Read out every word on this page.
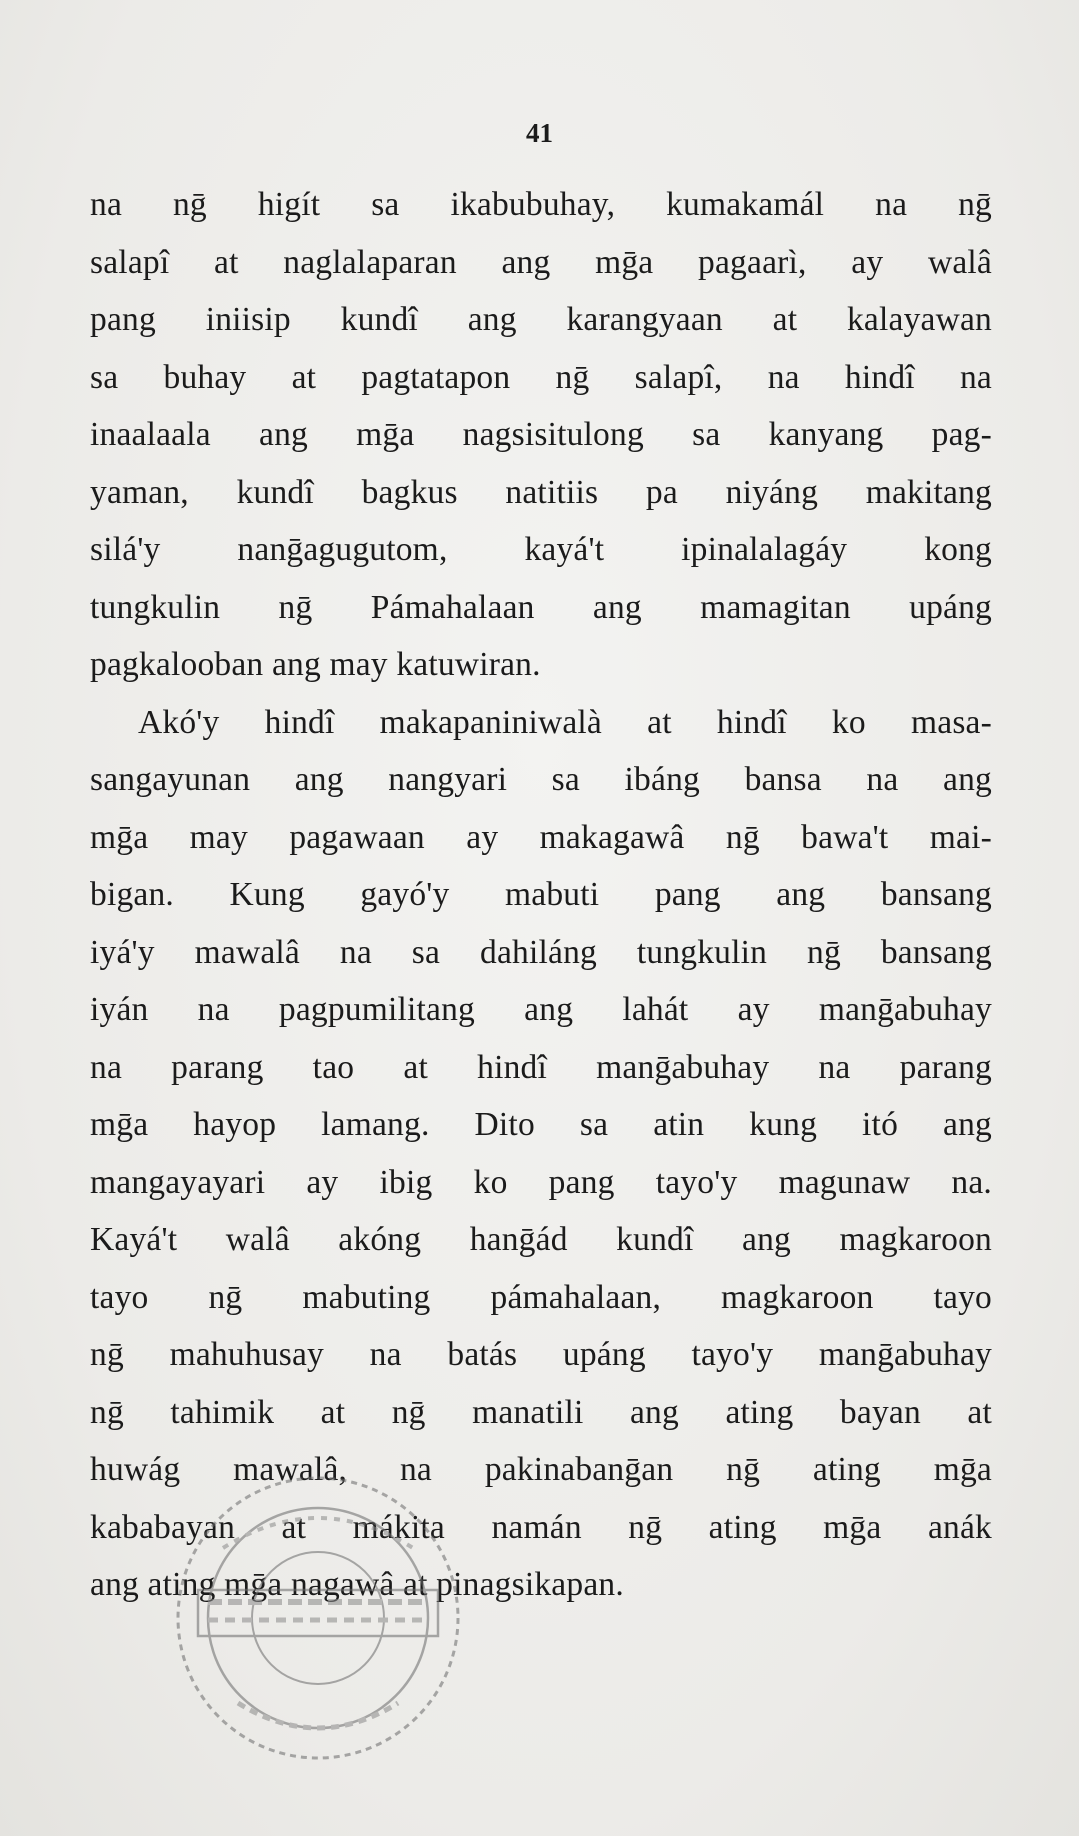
41
na nḡ higít sa ikabubuhay, kumakamál na nḡ
salapî at naglalaparan ang mḡa pagaarì, ay walâ
pang iniisip kundî ang karangyaan at kalayawan
sa buhay at pagtatapon nḡ salapî, na hindî na
inaalaala ang mḡa nagsisitulong sa kanyang pag-
yaman, kundî bagkus natitiis pa niyáng makitang
silá'y nanḡagugutom, kayá't ipinalalagáy kong
tungkulin nḡ Pámahalaan ang mamagitan upáng
pagkalooban ang may katuwiran.
Akó'y hindî makapaniniwalà at hindî ko masa-
sangayunan ang nangyari sa ibáng bansa na ang
mḡa may pagawaan ay makagawâ nḡ bawa't mai-
bigan. Kung gayó'y mabuti pang ang bansang
iyá'y mawalâ na sa dahiláng tungkulin nḡ bansang
iyán na pagpumilitang ang lahát ay manḡabuhay
na parang tao at hindî manḡabuhay na parang
mḡa hayop lamang. Dito sa atin kung itó ang
mangayayari ay ibig ko pang tayo'y magunaw na.
Kayá't walâ akóng hanḡád kundî ang magkaroon
tayo nḡ mabuting pámahalaan, magkaroon tayo
nḡ mahuhusay na batás upáng tayo'y manḡabuhay
nḡ tahimik at nḡ manatili ang ating bayan at
huwág mawalâ, na pakinabanḡan nḡ ating mḡa
kababayan at mákita namán nḡ ating mḡa anák
ang ating mḡa nagawâ at pinagsikapan.
